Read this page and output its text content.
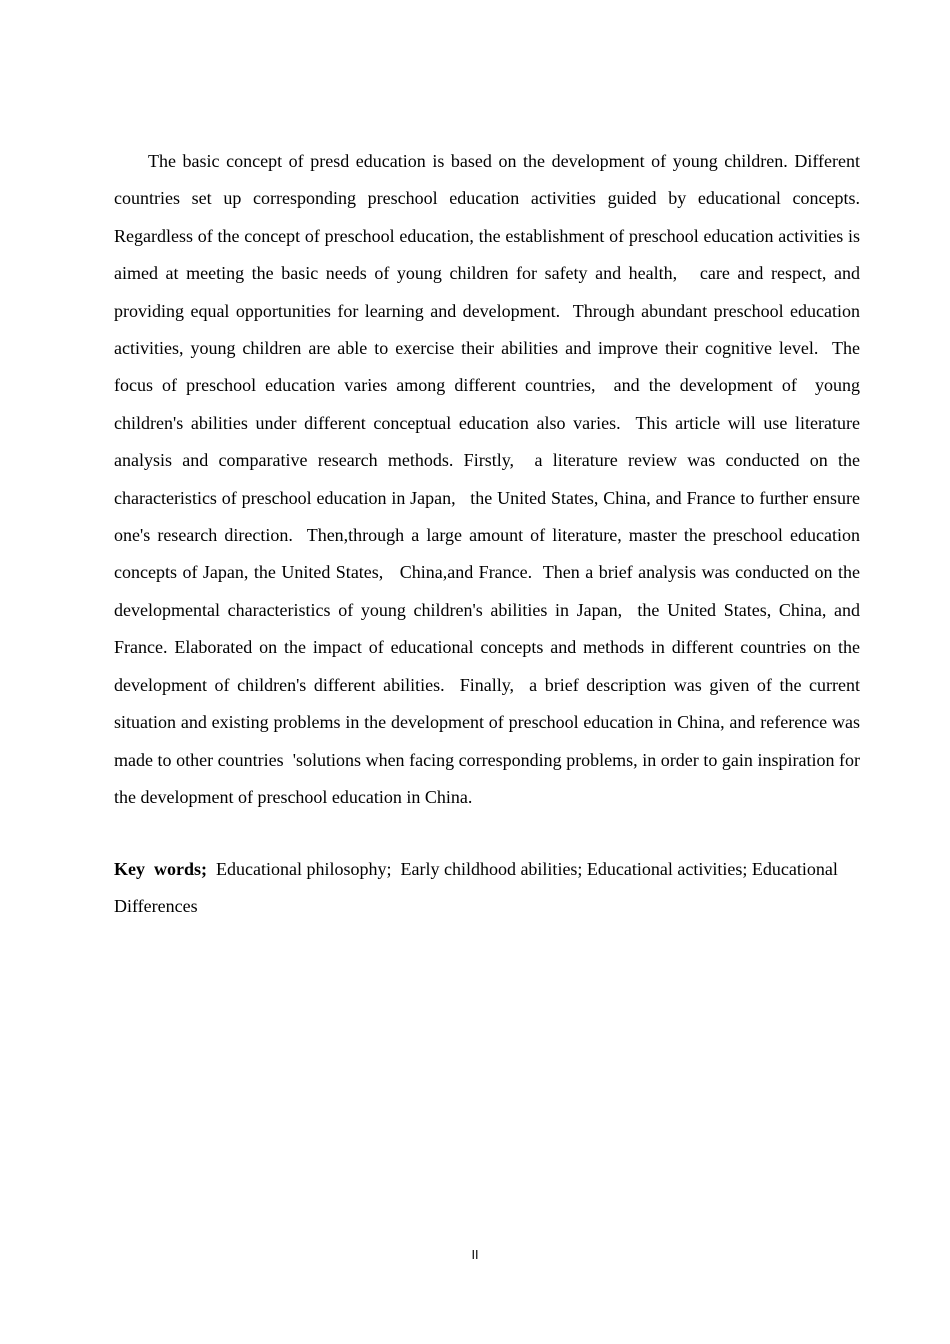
The basic concept of presd education is based on the development of young children. Different countries set up corresponding preschool education activities guided by educational concepts.  Regardless of the concept of preschool education, the establishment of preschool education activities is aimed at meeting the basic needs of young children for safety and health,   care and respect, and providing equal opportunities for learning and development.  Through abundant preschool education activities, young children are able to exercise their abilities and improve their cognitive level.  The focus of preschool education varies among different countries,  and the development of  young children's abilities under different conceptual education also varies.  This article will use literature analysis and comparative research methods. Firstly,  a literature review was conducted on the characteristics of preschool education in Japan,   the United States, China, and France to further ensure one's research direction.  Then,through a large amount of literature, master the preschool education concepts of Japan, the United States,   China,and France.  Then a brief analysis was conducted on the developmental characteristics of young children's abilities in Japan,  the United States, China, and France. Elaborated on the impact of educational concepts and methods in different countries on the development of children's different abilities.  Finally,  a brief description was given of the current situation and existing problems in the development of preschool education in China, and reference was made to other countries  'solutions when facing corresponding problems, in order to gain inspiration for the development of preschool education in China.

Key  words;  Educational philosophy;  Early childhood abilities; Educational activities; Educational Differences

II
